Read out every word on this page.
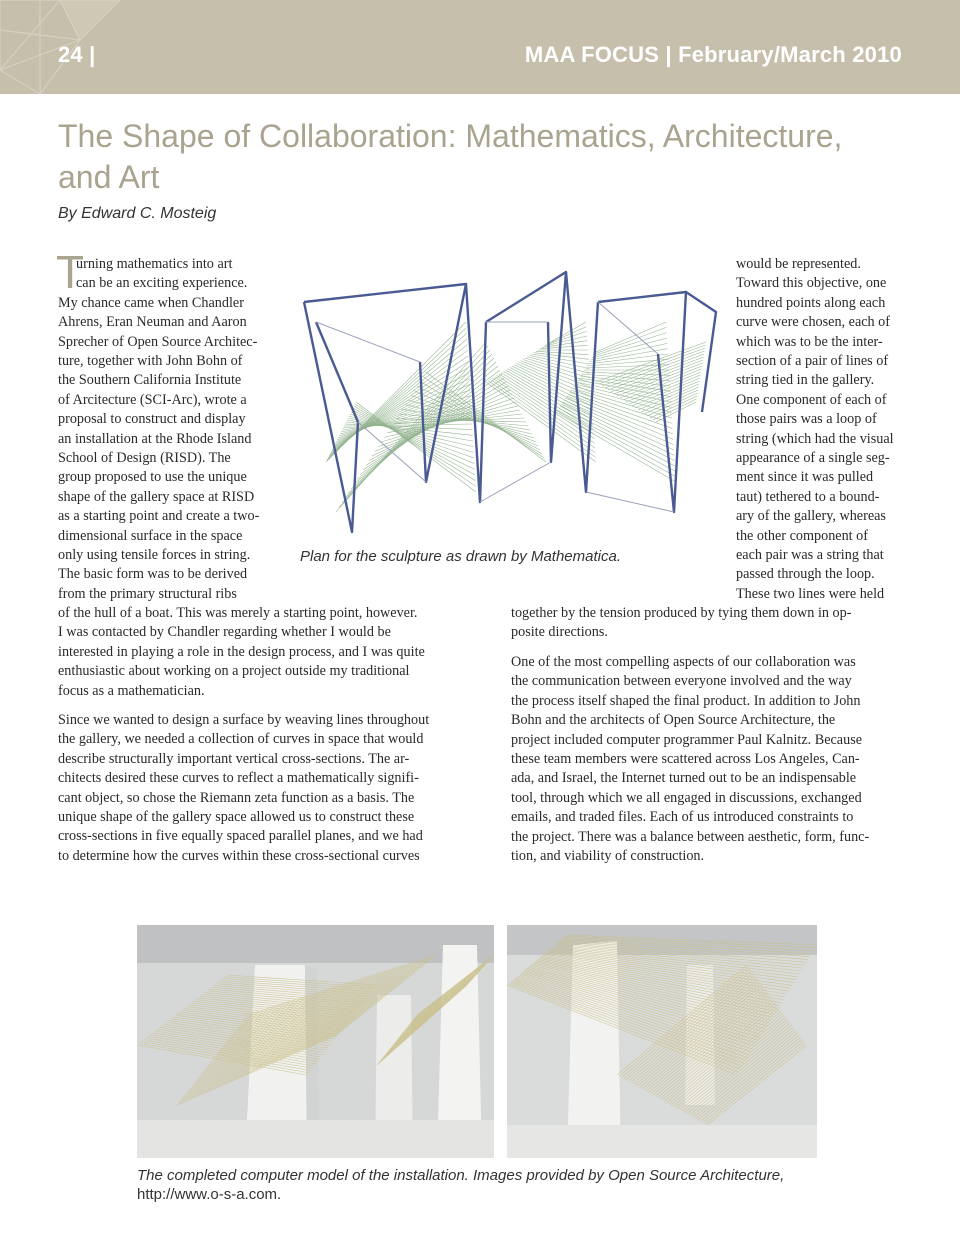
24 |	MAA FOCUS | February/March 2010
The Shape of Collaboration: Mathematics, Architecture,
and Art
By Edward C. Mosteig
T
urning mathematics into art
can be an exciting experience.
My chance came when Chandler
Ahrens, Eran Neuman and Aaron
Sprecher of Open Source Architec-
ture, together with John Bohn of
the Southern California Institute
of Arcitecture (SCI-Arc), wrote a
proposal to construct and display
an installation at the Rhode Island
School of Design (RISD). The
group proposed to use the unique
shape of the gallery space at RISD
as a starting point and create a two-
dimensional surface in the space
only using tensile forces in string.
The basic form was to be derived
from the primary structural ribs
of the hull of a boat. This was merely a starting point, however.
I was contacted by Chandler regarding whether I would be
interested in playing a role in the design process, and I was quite
enthusiastic about working on a project outside my traditional
focus as a mathematician.
Since we wanted to design a surface by weaving lines throughout
the gallery, we needed a collection of curves in space that would
describe structurally important vertical cross-sections. The ar-
chitects desired these curves to reflect a mathematically signifi-
cant object, so chose the Riemann zeta function as a basis. The
unique shape of the gallery space allowed us to construct these
cross-sections in five equally spaced parallel planes, and we had
to determine how the curves within these cross-sectional curves
would be represented.
Toward this objective, one
hundred points along each
curve were chosen, each of
which was to be the inter-
section of a pair of lines of
string tied in the gallery.
One component of each of
those pairs was a loop of
string (which had the visual
appearance of a single seg-
ment since it was pulled
taut) tethered to a bound-
ary of the gallery, whereas
the other component of
each pair was a string that
passed through the loop.
These two lines were held
together by the tension produced by tying them down in op-
posite directions.
One of the most compelling aspects of our collaboration was
the communication between everyone involved and the way
the process itself shaped the final product. In addition to John
Bohn and the architects of Open Source Architecture, the
project included computer programmer Paul Kalnitz. Because
these team members were scattered across Los Angeles, Can-
ada, and Israel, the Internet turned out to be an indispensable
tool, through which we all engaged in discussions, exchanged
emails, and traded files. Each of us introduced constraints to
the project. There was a balance between aesthetic, form, func-
tion, and viability of construction.
Plan for the sculpture as drawn by Mathematica.
The completed computer model of the installation. Images provided by Open Source Architecture,
http://www.o-s-a.com.
